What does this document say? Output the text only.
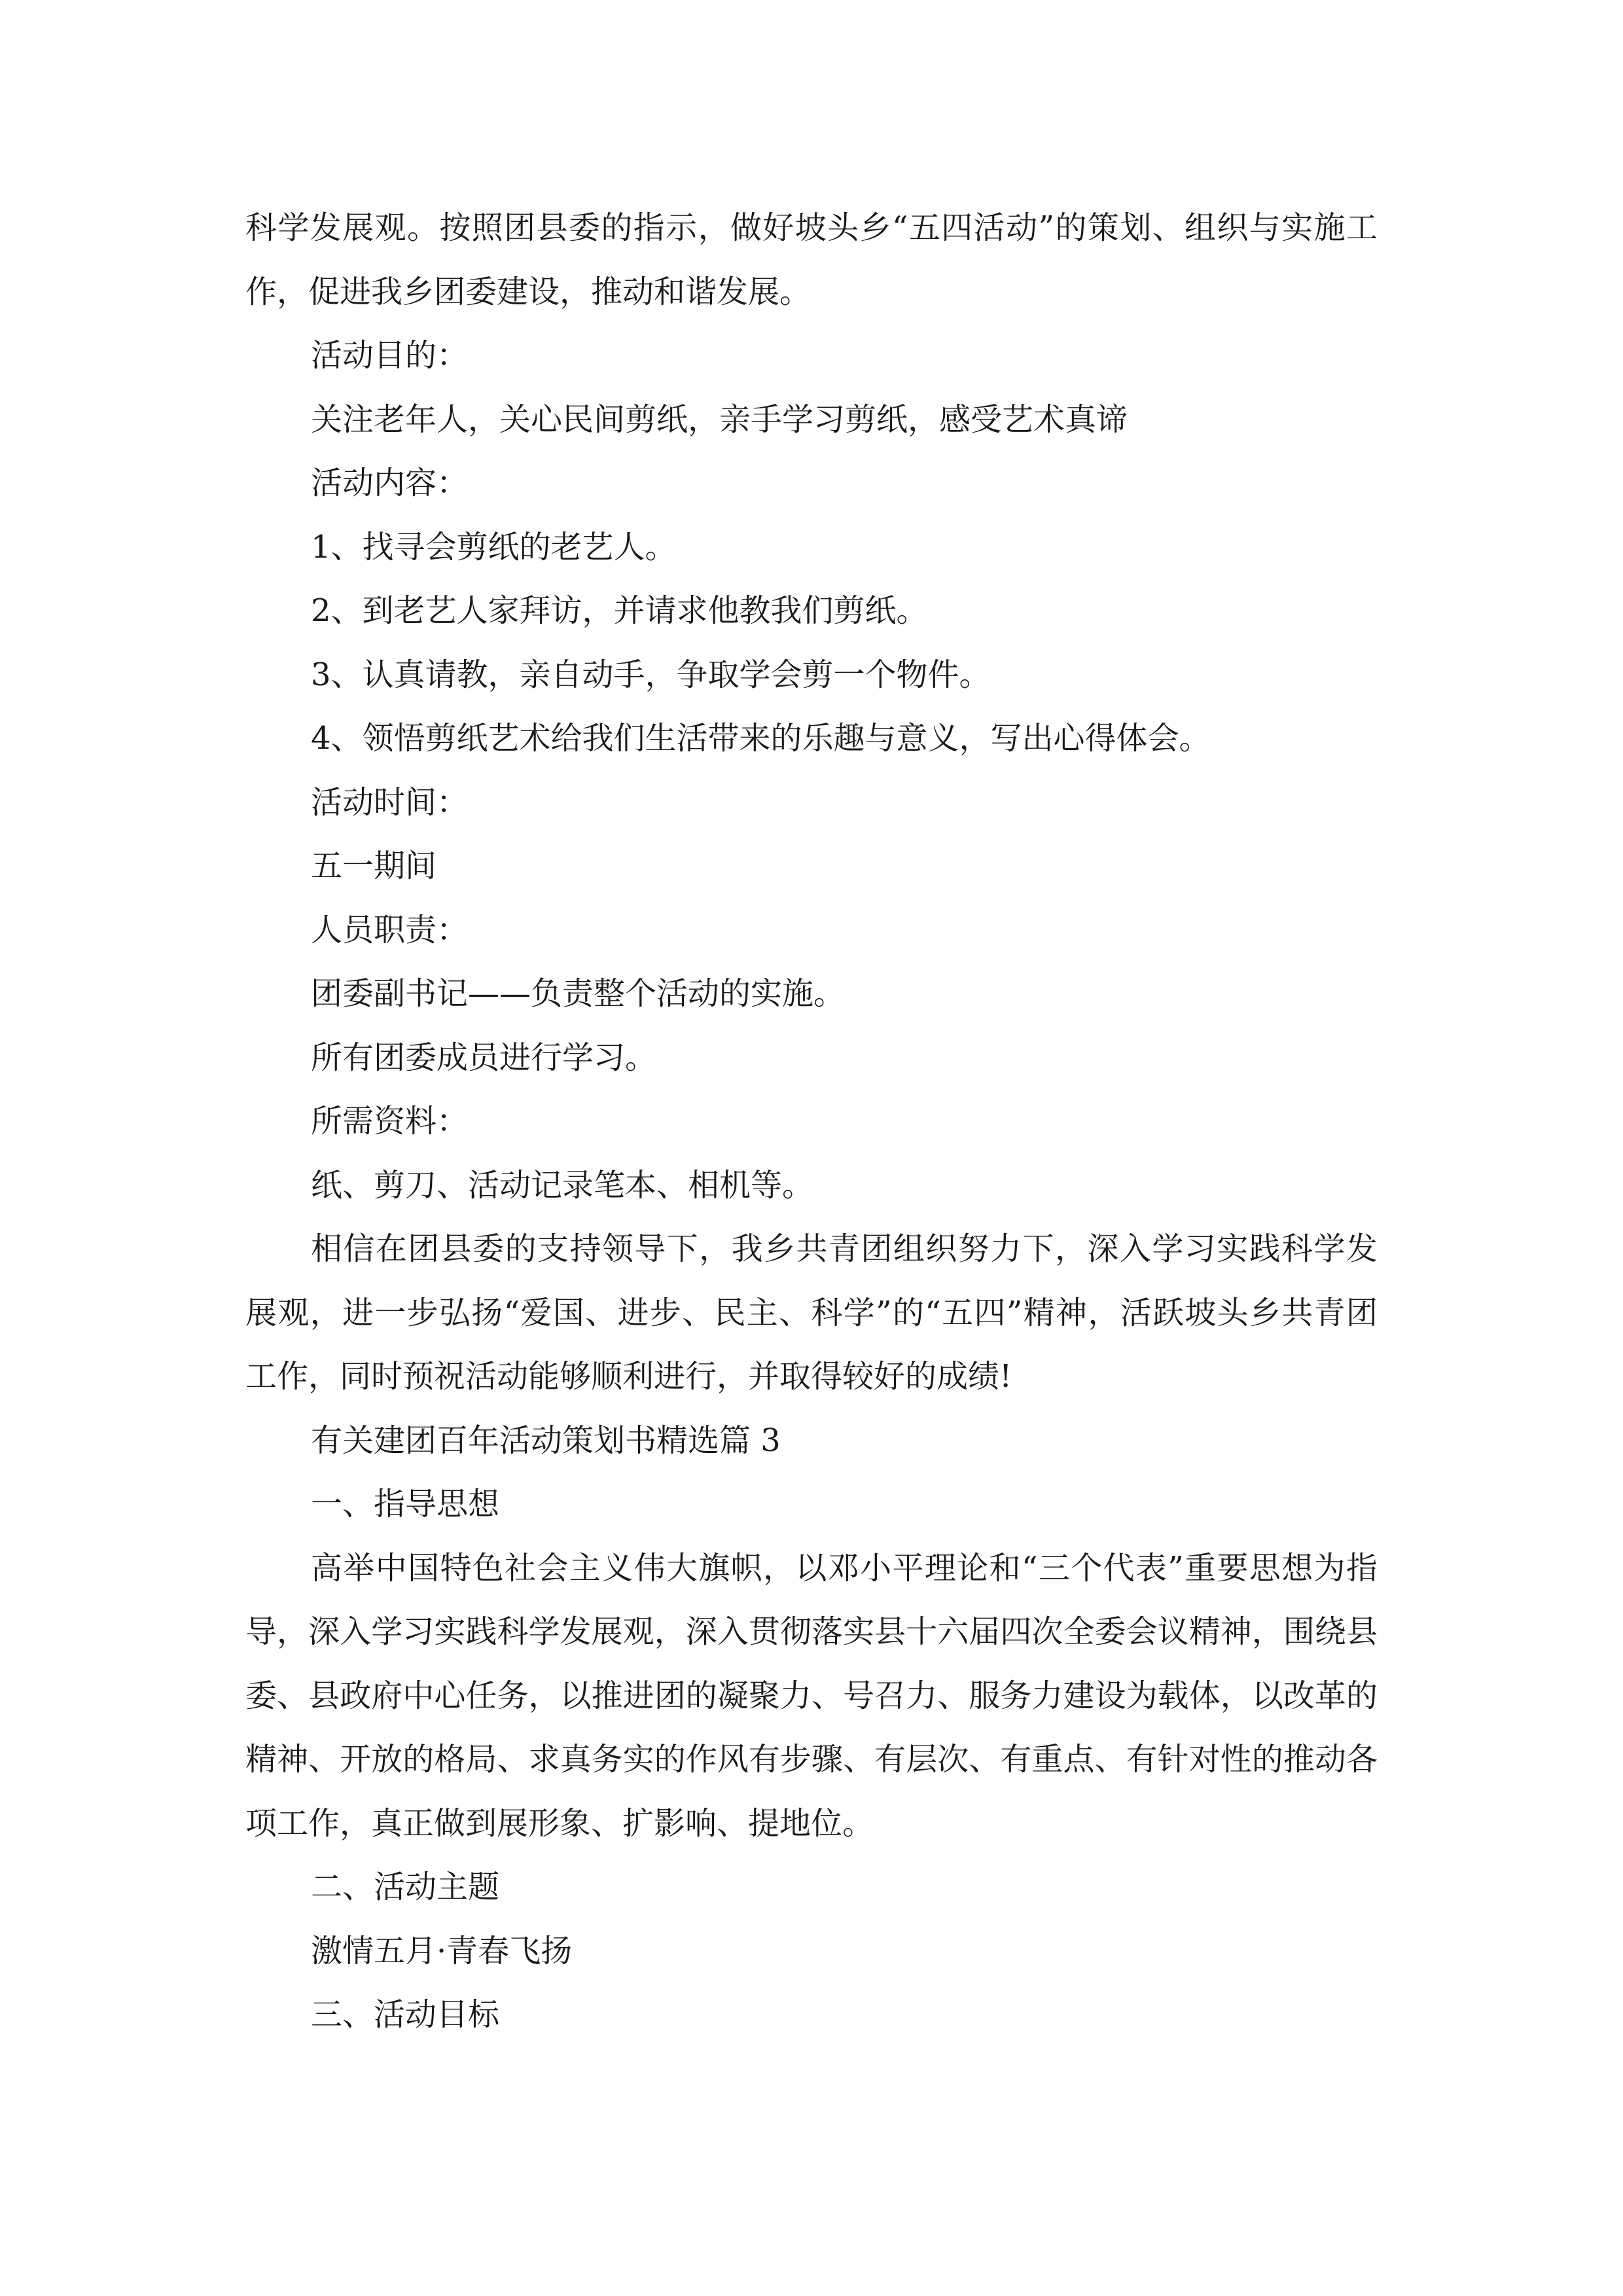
科学发展观。按照团县委的指示，做好坡头乡“五四活动”的策划、组织与实施工作，促进我乡团委建设，推动和谐发展。

活动目的：

关注老年人，关心民间剪纸，亲手学习剪纸，感受艺术真谛

活动内容：

1、找寻会剪纸的老艺人。

2、到老艺人家拜访，并请求他教我们剪纸。

3、认真请教，亲自动手，争取学会剪一个物件。

4、领悟剪纸艺术给我们生活带来的乐趣与意义，写出心得体会。

活动时间：

五一期间

人员职责：

团委副书记——负责整个活动的实施。

所有团委成员进行学习。

所需资料：

纸、剪刀、活动记录笔本、相机等。

相信在团县委的支持领导下，我乡共青团组织努力下，深入学习实践科学发展观，进一步弘扬“爱国、进步、民主、科学”的“五四”精神，活跃坡头乡共青团工作，同时预祝活动能够顺利进行，并取得较好的成绩!

有关建团百年活动策划书精选篇 3

一、指导思想

高举中国特色社会主义伟大旗帜，以邓小平理论和“三个代表”重要思想为指导，深入学习实践科学发展观，深入贯彻落实县十六届四次全委会议精神，围绕县委、县政府中心任务，以推进团的凝聚力、号召力、服务力建设为载体，以改革的精神、开放的格局、求真务实的作风有步骤、有层次、有重点、有针对性的推动各项工作，真正做到展形象、扩影响、提地位。

二、活动主题

激情五月·青春飞扬

三、活动目标
